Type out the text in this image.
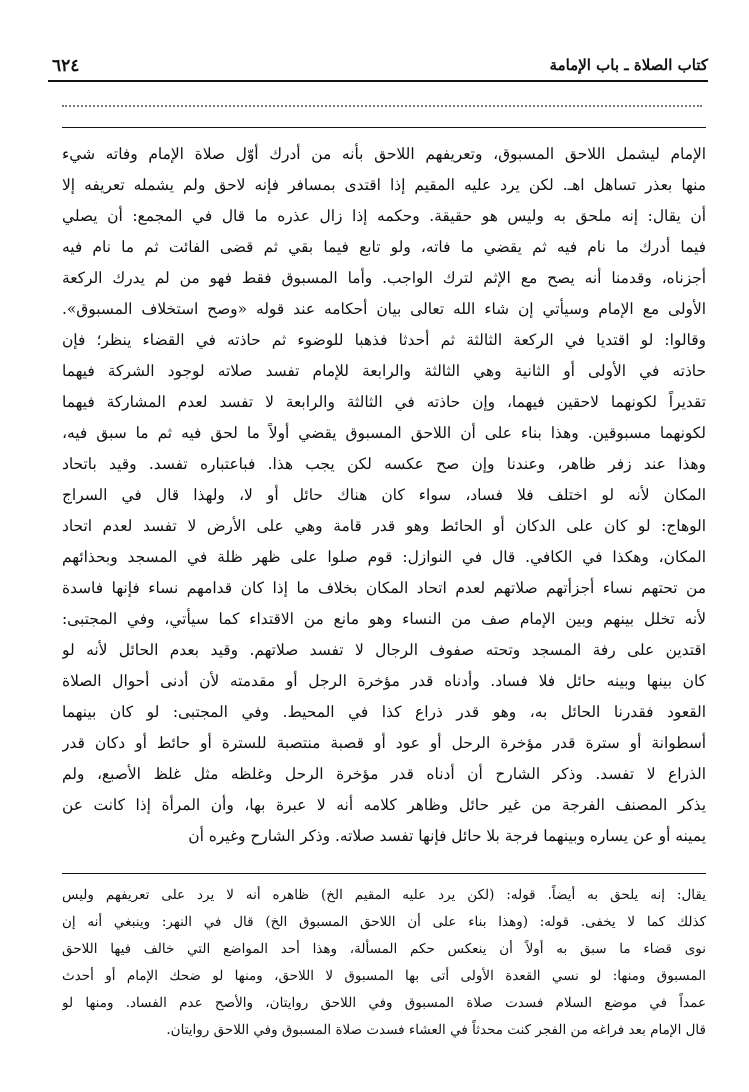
٦٢٤	كتاب الصلاة ـ باب الإمامة
الإمام ليشمل اللاحق المسبوق، وتعريفهم اللاحق بأنه من أدرك أوّل صلاة الإمام وفاته شيء
منها بعذر تساهل اهـ. لكن يرد عليه المقيم إذا اقتدى بمسافر فإنه لاحق ولم يشمله تعريفه إلا
أن يقال: إنه ملحق به وليس هو حقيقة. وحكمه إذا زال عذره ما قال في المجمع: أن يصلي
فيما أدرك ما نام فيه ثم يقضي ما فاته، ولو تابع فيما بقي ثم قضى الفائت ثم ما نام فيه
أجزناه، وقدمنا أنه يصح مع الإثم لترك الواجب. وأما المسبوق فقط فهو من لم يدرك الركعة
الأولى مع الإمام وسيأتي إن شاء الله تعالى بيان أحكامه عند قوله «وصح استخلاف المسبوق».
وقالوا: لو اقتديا في الركعة الثالثة ثم أحدثا فذهبا للوضوء ثم حاذته في القضاء ينظر؛ فإن
حاذته في الأولى أو الثانية وهي الثالثة والرابعة للإمام تفسد صلاته لوجود الشركة فيهما
تقديراً لكونهما لاحقين فيهما، وإن حاذته في الثالثة والرابعة لا تفسد لعدم المشاركة فيهما
لكونهما مسبوقين. وهذا بناء على أن اللاحق المسبوق يقضي أولاً ما لحق فيه ثم ما سبق فيه،
وهذا عند زفر ظاهر، وعندنا وإن صح عكسه لكن يجب هذا. فباعتباره تفسد. وقيد باتحاد
المكان لأنه لو اختلف فلا فساد، سواء كان هناك حائل أو لا، ولهذا قال في السراج
الوهاج: لو كان على الدكان أو الحائط وهو قدر قامة وهي على الأرض لا تفسد لعدم اتحاد
المكان، وهكذا في الكافي. قال في النوازل: قوم صلوا على ظهر ظلة في المسجد وبحذائهم
من تحتهم نساء أجزأتهم صلاتهم لعدم اتحاد المكان بخلاف ما إذا كان قدامهم نساء فإنها فاسدة
لأنه تخلل بينهم وبين الإمام صف من النساء وهو مانع من الاقتداء كما سيأتي، وفي المجتبى:
اقتدين على رفة المسجد وتحته صفوف الرجال لا تفسد صلاتهم. وقيد بعدم الحائل لأنه لو
كان بينها وبينه حائل فلا فساد. وأدناه قدر مؤخرة الرجل أو مقدمته لأن أدنى أحوال الصلاة
القعود فقدرنا الحائل به، وهو قدر ذراع كذا في المحيط. وفي المجتبى: لو كان بينهما
أسطوانة أو سترة قدر مؤخرة الرحل أو عود أو قصبة منتصبة للسترة أو حائط أو دكان قدر
الذراع لا تفسد. وذكر الشارح أن أدناه قدر مؤخرة الرحل وغلظه مثل غلظ الأصبع، ولم
يذكر المصنف الفرجة من غير حائل وظاهر كلامه أنه لا عبرة بها، وأن المرأة إذا كانت عن
يمينه أو عن يساره وبينهما فرجة بلا حائل فإنها تفسد صلاته. وذكر الشارح وغيره أن
يقال: إنه يلحق به أيضاً. قوله: (لكن يرد عليه المقيم الخ) ظاهره أنه لا يرد على تعريفهم وليس
كذلك كما لا يخفى. قوله: (وهذا بناء على أن اللاحق المسبوق الخ) قال في النهر: وينبغي أنه إن
نوى قضاء ما سبق به أولاً أن ينعكس حكم المسألة، وهذا أحد المواضع التي خالف فيها اللاحق
المسبوق ومنها: لو نسي القعدة الأولى أتى بها المسبوق لا اللاحق، ومنها لو ضحك الإمام أو أحدث
عمداً في موضع السلام فسدت صلاة المسبوق وفي اللاحق روايتان، والأصح عدم الفساد. ومنها لو
قال الإمام بعد فراغه من الفجر كنت محدثاً في العشاء فسدت صلاة المسبوق وفي اللاحق روايتان.
